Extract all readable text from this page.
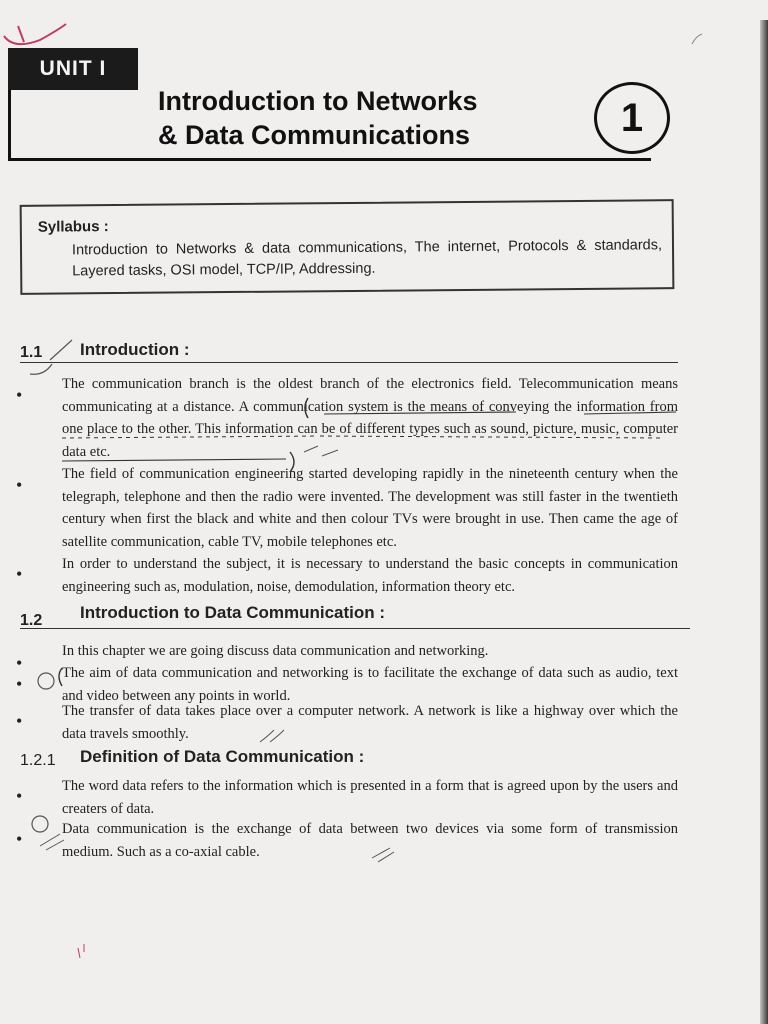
UNIT I
Introduction to Networks
& Data Communications	1
Syllabus :
Introduction to Networks & data communications, The internet, Protocols & standards, Layered tasks, OSI model, TCP/IP, Addressing.
1.1 Introduction :
•
The communication branch is the oldest branch of the electronics field. Telecommunication means communicating at a distance. A communication system is the means of conveying the information from one place to the other. This information can be of different types such as sound, picture, music, computer data etc.
•
The field of communication engineering started developing rapidly in the nineteenth century when the telegraph, telephone and then the radio were invented. The development was still faster in the twentieth century when first the black and white and then colour TVs were brought in use. Then came the age of satellite communication, cable TV, mobile telephones etc.
•	In order to understand the subject, it is necessary to understand the basic concepts in communication engineering such as, modulation, noise, demodulation, information theory etc.
1.2 Introduction to Data Communication :
•
In this chapter we are going discuss data communication and networking.
•
The aim of data communication and networking is to facilitate the exchange of data such as audio, text and video between any points in world.
•	The transfer of data takes place over a computer network. A network is like a highway over which the data travels smoothly.
1.2.1 Definition of Data Communication :
•	The word data refers to the information which is presented in a form that is agreed upon by the users and creaters of data.
•	Data communication is the exchange of data between two devices via some form of transmission medium. Such as a co-axial cable.
